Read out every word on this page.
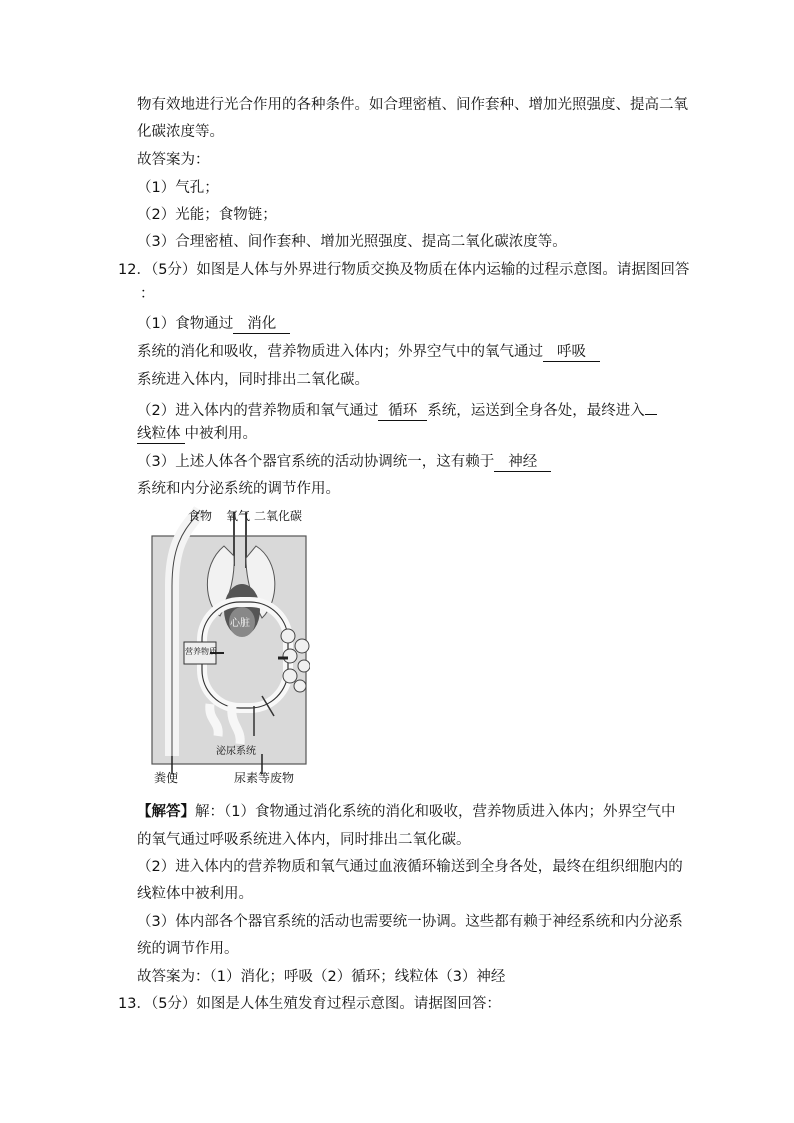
物有效地进行光合作用的各种条件。如合理密植、间作套种、增加光照强度、提高二氧
化碳浓度等。
故答案为：
（1）气孔；
（2）光能；食物链；
（3）合理密植、间作套种、增加光照强度、提高二氧化碳浓度等。
12．（5分）如图是人体与外界进行物质交换及物质在体内运输的过程示意图。请据图回答
：
（1）食物通过 消化
系统的消化和吸收，营养物质进入体内；外界空气中的氧气通过 呼吸
系统进入体内，同时排出二氧化碳。
（2）进入体内的营养物质和氧气通过 循环 系统，运送到全身各处，最终进入
线粒体 中被利用。
（3）上述人体各个器官系统的活动协调统一，这有赖于 神经
系统和内分泌系统的调节作用。
食物 氧气 二氧化碳
心脏
营养物质
泌尿系统
粪便	尿素等废物
【解答】解：（1）食物通过消化系统的消化和吸收，营养物质进入体内；外界空气中
的氧气通过呼吸系统进入体内，同时排出二氧化碳。
（2）进入体内的营养物质和氧气通过血液循环输送到全身各处，最终在组织细胞内的
线粒体中被利用。
（3）体内部各个器官系统的活动也需要统一协调。这些都有赖于神经系统和内分泌系
统的调节作用。
故答案为：（1）消化；呼吸（2）循环；线粒体（3）神经
13．（5分）如图是人体生殖发育过程示意图。请据图回答：
